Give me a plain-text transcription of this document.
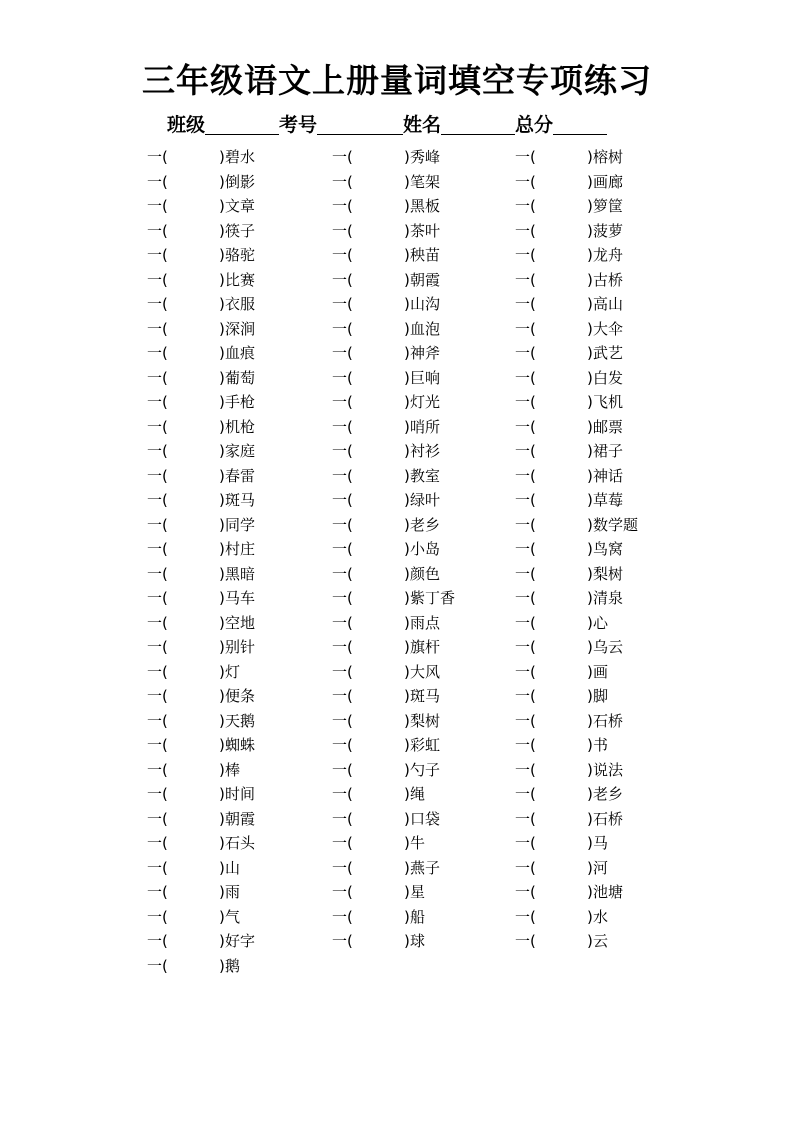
三年级语文上册量词填空专项练习
班级	考号	姓名	总分
一(	) 碧水
一(	) 倒影
一(	) 文章
一(	) 筷子
一(	) 骆驼
一(	) 比赛
一(	) 衣服
一(	) 深涧
一(	) 血痕
一(	) 葡萄
一(	) 手枪
一(	) 机枪
一(	) 家庭
一(	) 春雷
一(	) 斑马
一(	) 同学
一(	) 村庄
一(	) 黑暗
一(	) 马车
一(	) 空地
一(	) 别针
一(	) 灯
一(	) 便条
一(	) 天鹅
一(	) 蜘蛛
一(	) 棒
一(	) 时间
一(	) 朝霞
一(	) 石头
一(	) 山
一(	) 雨
一(	) 气
一(	) 好字
一(	) 鹅
一(	) 秀峰
一(	) 笔架
一(	) 黑板
一(	) 茶叶
一(	) 秧苗
一(	) 朝霞
一(	) 山沟
一(	) 血泡
一(	) 神斧
一(	) 巨响
一(	) 灯光
一(	) 哨所
一(	) 衬衫
一(	) 教室
一(	) 绿叶
一(	) 老乡
一(	) 小岛
一(	) 颜色
一(	) 紫丁香
一(	) 雨点
一(	) 旗杆
一(	) 大风
一(	) 斑马
一(	) 梨树
一(	) 彩虹
一(	) 勺子
一(	) 绳
一(	) 口袋
一(	) 牛
一(	) 燕子
一(	) 星
一(	) 船
一(	) 球
一(	) 榕树
一(	) 画廊
一(	) 箩筐
一(	) 菠萝
一(	) 龙舟
一(	) 古桥
一(	) 高山
一(	) 大伞
一(	) 武艺
一(	) 白发
一(	) 飞机
一(	) 邮票
一(	) 裙子
一(	) 神话
一(	) 草莓
一(	) 数学题
一(	) 鸟窝
一(	) 梨树
一(	) 清泉
一(	) 心
一(	) 乌云
一(	) 画
一(	) 脚
一(	) 石桥
一(	) 书
一(	) 说法
一(	) 老乡
一(	) 石桥
一(	) 马
一(	) 河
一(	) 池塘
一(	) 水
一(	) 云
